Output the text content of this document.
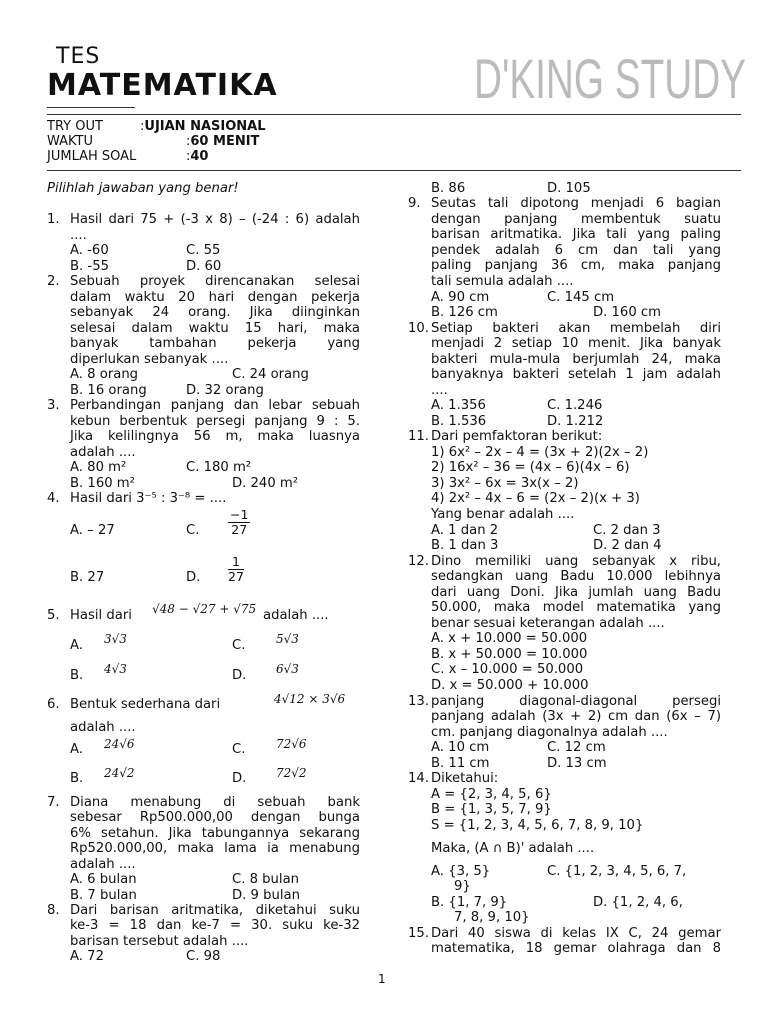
TES
MATEMATIKA	D'KING STUDY
TRY OUT	: UJIAN NASIONAL
WAKTU	: 60 MENIT
JUMLAH SOAL	: 40
Pilihlah jawaban yang benar!
1. Hasil dari 75 + (-3 x 8) – (-24 : 6) adalah
....
A. -60	C. 55
B. -55	D. 60
2. Sebuah proyek direncanakan selesai
dalam waktu 20 hari dengan pekerja
sebanyak 24 orang. Jika diinginkan
selesai dalam waktu 15 hari, maka
banyak tambahan pekerja yang
diperlukan sebanyak ....
A. 8 orang	C. 24 orang
B. 16 orang	D. 32 orang
3. Perbandingan panjang dan lebar sebuah
kebun berbentuk persegi panjang 9 : 5.
Jika kelilingnya 56 m, maka luasnya
adalah ....
A. 80 m²	C. 180 m²
B. 160 m²	D. 240 m²
4. Hasil dari 3⁻⁵ : 3⁻⁸ = ....
A. – 27	C. $\frac{-1}{27}$
B. 27	D. $\frac{1}{27}$
5. Hasil dari √48 − √27 + √75 adalah ....
A. 3√3	C.	5√3
B. 4√3	D. 6√3
6. Bentuk sederhana dari	4√12 × 3√6
adalah ....
A. 24√6	C.	72√6
B. 24√2	D. 72√2
7. Diana menabung di sebuah bank
sebesar Rp500.000,00 dengan bunga
6% setahun. Jika tabungannya sekarang
Rp520.000,00, maka lama ia menabung
adalah ....
A. 6 bulan	C. 8 bulan
B. 7 bulan	D. 9 bulan
8. Dari barisan aritmatika, diketahui suku
ke-3 = 18 dan ke-7 = 30. suku ke-32
barisan tersebut adalah ....
A. 72	C. 98
B. 86	D. 105
9. Seutas tali dipotong menjadi 6 bagian
dengan panjang membentuk suatu
barisan aritmatika. Jika tali yang paling
pendek adalah 6 cm dan tali yang
paling panjang 36 cm, maka panjang
tali semula adalah ....
A. 90 cm	C. 145 cm
B. 126 cm	D. 160 cm
10. Setiap bakteri akan membelah diri
menjadi 2 setiap 10 menit. Jika banyak
bakteri mula-mula berjumlah 24, maka
banyaknya bakteri setelah 1 jam adalah
....
A. 1.356	C. 1.246
B. 1.536	D. 1.212
11. Dari pemfaktoran berikut:
1) 6x² – 2x – 4 = (3x + 2)(2x – 2)
2) 16x² – 36 = (4x – 6)(4x – 6)
3) 3x² – 6x = 3x(x – 2)
4) 2x² – 4x – 6 = (2x – 2)(x + 3)
Yang benar adalah ....
A. 1 dan 2	C. 2 dan 3
B. 1 dan 3	D. 2 dan 4
12. Dino memiliki uang sebanyak x ribu,
sedangkan uang Badu 10.000 lebihnya
dari uang Doni. Jika jumlah uang Badu
50.000, maka model matematika yang
benar sesuai keterangan adalah ....
A. x + 10.000 = 50.000
B. x + 50.000 = 10.000
C. x – 10.000 = 50.000
D. x = 50.000 + 10.000
13. panjang diagonal-diagonal persegi
panjang adalah (3x + 2) cm dan (6x – 7)
cm. panjang diagonalnya adalah ....
A. 10 cm	C. 12 cm
B. 11 cm	D. 13 cm
14. Diketahui:
A = {2, 3, 4, 5, 6}
B = {1, 3, 5, 7, 9}
S = {1, 2, 3, 4, 5, 6, 7, 8, 9, 10}
Maka, (A ∩ B)' adalah ....
A. {3, 5}	C. {1, 2, 3, 4, 5, 6, 7,
9}
B. {1, 7, 9}	D. {1, 2, 4, 6,
7, 8, 9, 10}
15. Dari 40 siswa di kelas IX C, 24 gemar
matematika, 18 gemar olahraga dan 8
1
